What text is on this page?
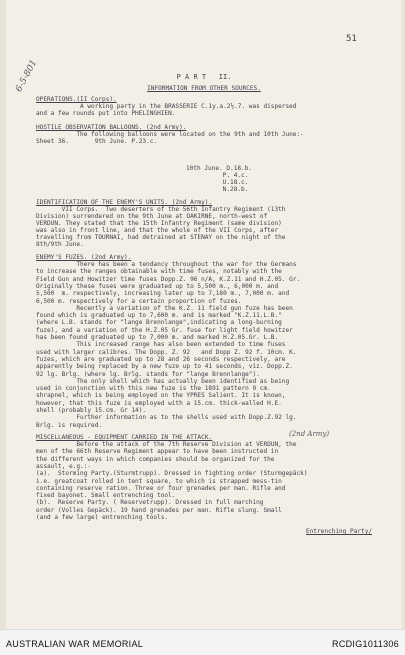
51
6-5-801	P A R T   II.
INFORMATION FROM OTHER SOURCES.
OPERATIONS.(II Corps).
A working party in the BRASSERIE C.1y.a.2½.7. was dispersed
and a few rounds put into PHELINGHIEN.
HOSTILE OBSERVATION BALLOONS. (2nd Army).
The following balloons were located on the 9th and 10th June:-
Sheet 36.       9th June. P.23.c.
10th June. D.18.b.
P. 4.c.
U.18.c.
N.28.b.
IDENTIFICATION OF THE ENEMY'S UNITS. (2nd Army).
VII Corps.  Two deserters of the 56th Infantry Regiment (13th
Division) surrendered on the 9th June at OAKIRNE, north-west of
VERDUN. They stated that the 15th Infantry Regiment (same division)
was also in front line, and that the whole of the VII Corps, after
travelling from TOURNAI, had detrained at STENAY on the night of the
8th/9th June.
ENEMY'S FUZES. (2nd Army).
There has been a tendancy throughout the war for the Germans
to increase the ranges obtainable with time fuses, notably with the
Field Gun and Howitzer time fuses Dopp.Z. 96 n/A, K.Z.11 and H.Z.05. Gr.
Originally these fuses were graduated up to 5,500 m., 6,000 m. and
5,500  m. respectively, increasing later up to 7,180 m., 7,000 m. and
6,500 m. respectively for a certain proportion of fuzes.
Recently a variation of the K.Z. 11 field gun fuze has been
found which is graduated up to 7,600 m. and is marked "K.Z.11.L.B."
(where L.B. stands for "lange Brennlange",indicating a long-burning
fuze), and a variation of the H.Z.05 Gr. fuse for light field howitzer
has been found graduated up to 7,000 m. and marked H.Z.05.Gr. L.B.
This increased range has also been extended to time fuses
used with larger calibres. The Dopp. Z. 92   and Dopp Z. 92 f. 10cm. K.
fuzes, which are graduated up to 28 and 26 seconds respectively, are
apparently being replaced by a new fuze up to 41 seconds, viz. Dopp.Z.
92 lg. Brlg. (where lg. Brlg. stands for "lange Brennlange").
The only shell which has actually been identified as being
used in conjunction with this new fuze is the 1891 pattern 9 cm.
shrapnel, which is being employed on the YPRES Salient. It is known,
however, that this fuze is employed with a 15.cm. thick-walled H.E.
shell (probably 15.cm. Gr 14).
Further information as to the shells used with Dopp.Z.92 lg.
Brlg. is required.
MISCELLANEOUS - EQUIPMENT CARRIED IN THE ATTACK.	(2nd Army)
Before the attack of the 7th Reserve Division at VERDUN, the
men of the 66th Reserve Regiment appear to have been instructed in
the different ways in which companies should be organized for the
assault, e.g.:-
(a).  Storming Party.(Sturmtrupp). Dressed in fighting order (Sturmgepäck)
i.e. greatcoat rolled in tent square, to which is strapped mess-tin
containing reserve ration. Three or four grenades per man. Rifle and
fixed bayonet. Small entrenching tool.
(b).  Reserve Party. ( Reservetrupp). Dressed in full marching
order (Volles Gepäck). 19 hand grenades per man. Rifle slung. Small
(and a few large) entrenching tools.
Entrenching Party/
AUSTRALIAN WAR MEMORIAL	RCDIG1011306
